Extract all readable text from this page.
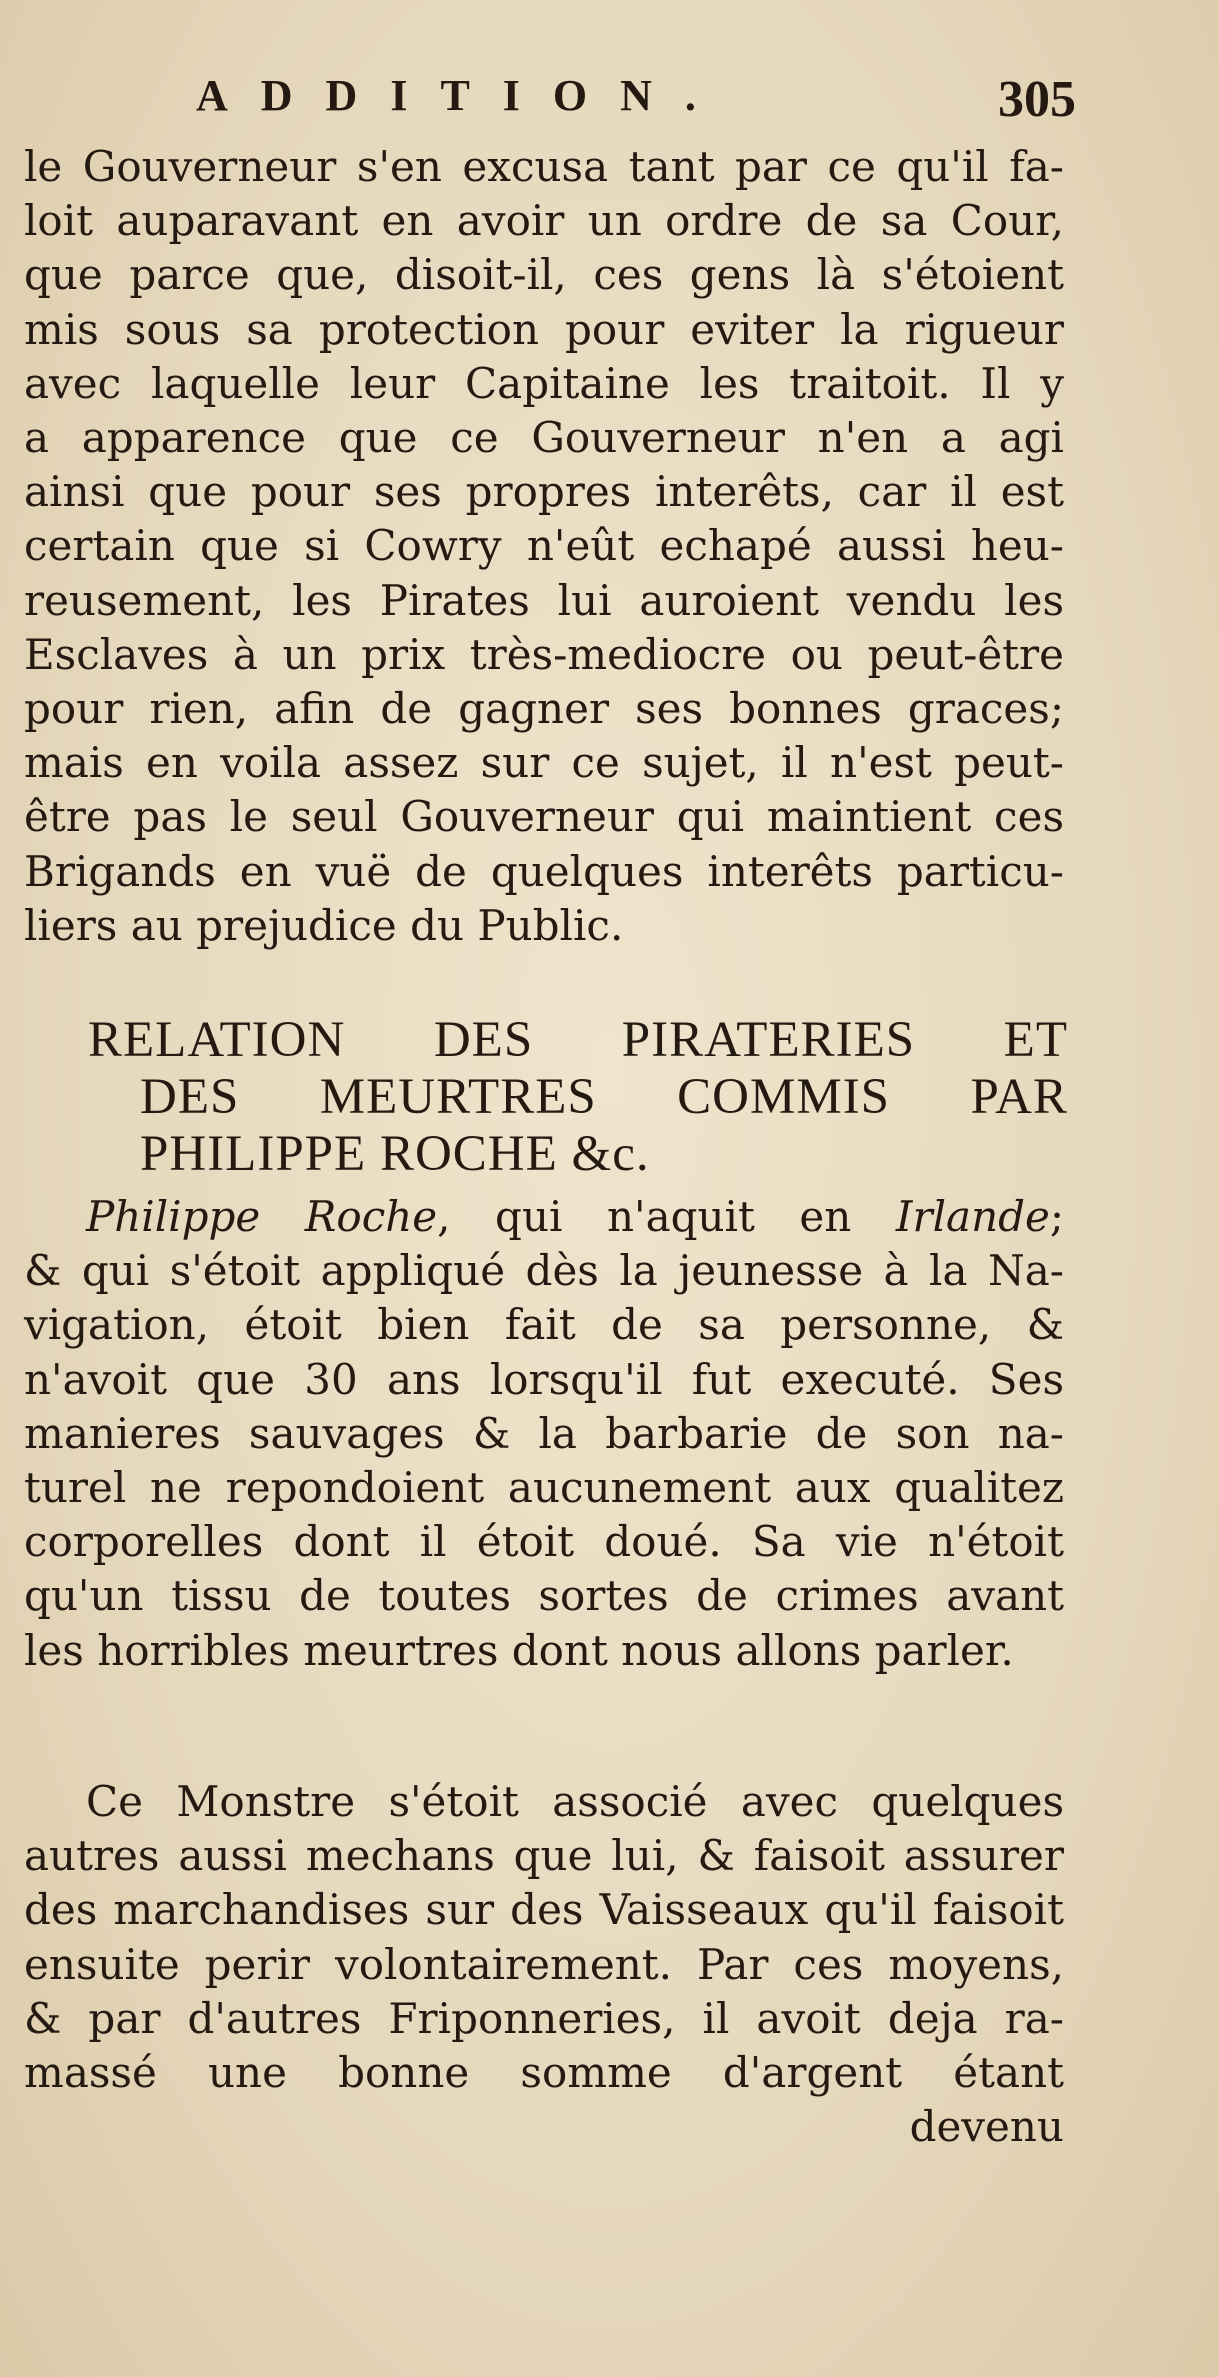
ADDITION.	305
le Gouverneur s'en excusa tant par ce qu'il fa-
loit auparavant en avoir un ordre de sa Cour,
que parce que, disoit-il, ces gens là s'étoient
mis sous sa protection pour eviter la rigueur
avec laquelle leur Capitaine les traitoit. Il y
a apparence que ce Gouverneur n'en a agi
ainsi que pour ses propres interêts, car il est
certain que si Cowry n'eût echapé aussi heu-
reusement, les Pirates lui auroient vendu les
Esclaves à un prix très-mediocre ou peut-être
pour rien, afin de gagner ses bonnes graces;
mais en voila assez sur ce sujet, il n'est peut-
être pas le seul Gouverneur qui maintient ces
Brigands en vuë de quelques interêts particu-
liers au prejudice du Public.
RELATION DES PIRATERIES ET
DES MEURTRES COMMIS PAR
PHILIPPE ROCHE &c.
Philippe Roche, qui n'aquit en Irlande;
& qui s'étoit appliqué dès la jeunesse à la Na-
vigation, étoit bien fait de sa personne, &
n'avoit que 30 ans lorsqu'il fut executé. Ses
manieres sauvages & la barbarie de son na-
turel ne repondoient aucunement aux qualitez
corporelles dont il étoit doué. Sa vie n'étoit
qu'un tissu de toutes sortes de crimes avant
les horribles meurtres dont nous allons parler.
Ce Monstre s'étoit associé avec quelques
autres aussi mechans que lui, & faisoit assurer
des marchandises sur des Vaisseaux qu'il faisoit
ensuite perir volontairement. Par ces moyens,
& par d'autres Friponneries, il avoit deja ra-
massé une bonne somme d'argent étant
devenu
